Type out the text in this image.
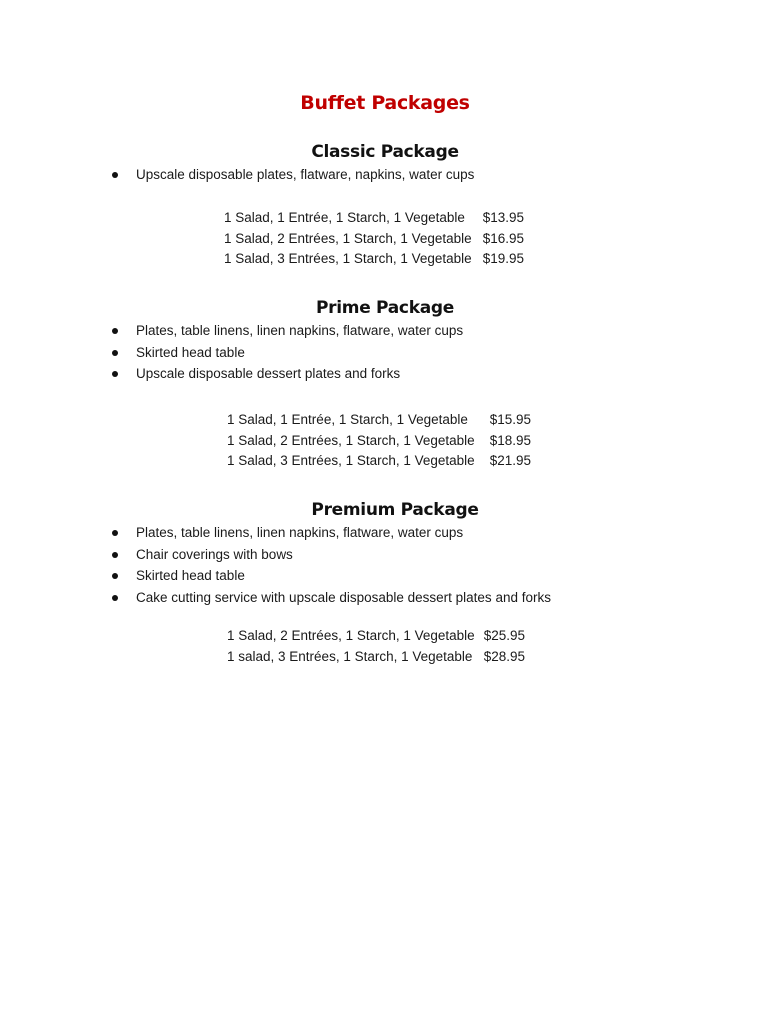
Buffet Packages
Classic Package
Upscale disposable plates, flatware, napkins, water cups
1 Salad, 1 Entrée, 1 Starch, 1 Vegetable	$13.95
1 Salad, 2 Entrées, 1 Starch, 1 Vegetable $16.95
1 Salad, 3 Entrées, 1 Starch, 1 Vegetable $19.95
Prime Package
Plates, table linens, linen napkins, flatware, water cups
Skirted head table
Upscale disposable dessert plates and forks
1 Salad, 1 Entrée, 1 Starch, 1 Vegetable	$15.95
1 Salad, 2 Entrées, 1 Starch, 1 Vegetable	$18.95
1 Salad, 3 Entrées, 1 Starch, 1 Vegetable	$21.95
Premium Package
Plates, table linens, linen napkins, flatware, water cups
Chair coverings with bows
Skirted head table
Cake cutting service with upscale disposable dessert plates and forks
1 Salad, 2 Entrées, 1 Starch, 1 Vegetable $25.95
1 salad, 3 Entrées, 1 Starch, 1 Vegetable $28.95
